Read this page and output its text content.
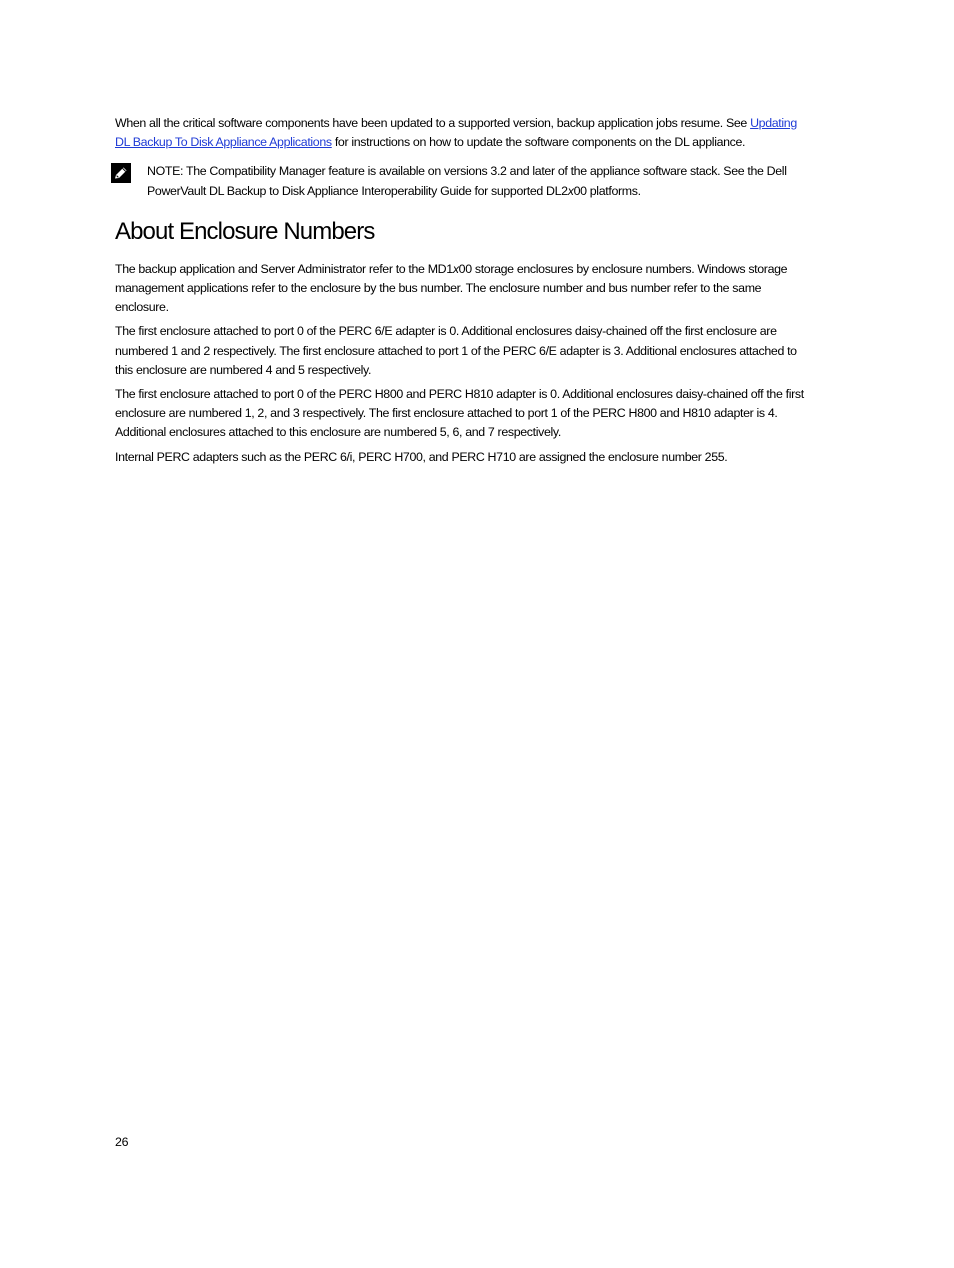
When all the critical software components have been updated to a supported version, backup application jobs resume. See Updating DL Backup To Disk Appliance Applications for instructions on how to update the software components on the DL appliance.

NOTE: The Compatibility Manager feature is available on versions 3.2 and later of the appliance software stack. See the Dell PowerVault DL Backup to Disk Appliance Interoperability Guide for supported DL2x00 platforms.

About Enclosure Numbers

The backup application and Server Administrator refer to the MD1x00 storage enclosures by enclosure numbers. Windows storage management applications refer to the enclosure by the bus number. The enclosure number and bus number refer to the same enclosure.

The first enclosure attached to port 0 of the PERC 6/E adapter is 0. Additional enclosures daisy-chained off the first enclosure are numbered 1 and 2 respectively. The first enclosure attached to port 1 of the PERC 6/E adapter is 3. Additional enclosures attached to this enclosure are numbered 4 and 5 respectively.

The first enclosure attached to port 0 of the PERC H800 and PERC H810 adapter is 0. Additional enclosures daisy-chained off the first enclosure are numbered 1, 2, and 3 respectively. The first enclosure attached to port 1 of the PERC H800 and H810 adapter is 4. Additional enclosures attached to this enclosure are numbered 5, 6, and 7 respectively.

Internal PERC adapters such as the PERC 6/i, PERC H700, and PERC H710 are assigned the enclosure number 255.

26
